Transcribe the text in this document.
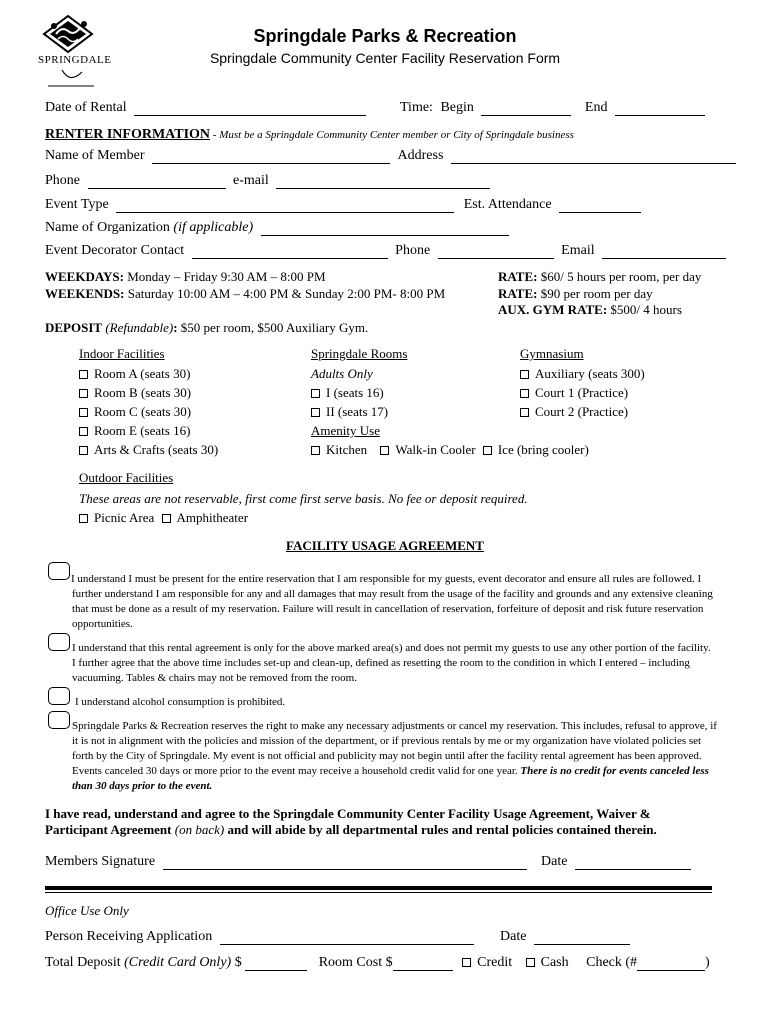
SPRINGDALE
Springdale Parks & Recreation
Springdale Community Center Facility Reservation Form
Date of Rental	Time: Begin	End
RENTER INFORMATION - Must be a Springdale Community Center member or City of Springdale business
Name of Member	Address
Phone	e-mail
Event Type	Est. Attendance
Name of Organization (if applicable)
Event Decorator Contact	Phone	Email
WEEKDAYS: Monday – Friday 9:30 AM – 8:00 PM
WEEKENDS: Saturday 10:00 AM – 4:00 PM & Sunday 2:00 PM- 8:00 PM
RATE: $60/ 5 hours per room, per day
RATE: $90 per room per day
AUX. GYM RATE: $500/ 4 hours
DEPOSIT (Refundable): $50 per room, $500 Auxiliary Gym.
Indoor Facilities
Room A (seats 30)
Room B (seats 30)
Room C (seats 30)
Room E (seats 16)
Arts & Crafts (seats 30)
Springdale Rooms
Adults Only
I (seats 16)
II (seats 17)
Amenity Use
Kitchen Walk-in Cooler Ice (bring cooler)
Gymnasium
Auxiliary (seats 300)
Court 1 (Practice)
Court 2 (Practice)
Outdoor Facilities
These areas are not reservable, first come first serve basis. No fee or deposit required.
Picnic Area Amphitheater
FACILITY USAGE AGREEMENT
I understand I must be present for the entire reservation that I am responsible for my guests, event decorator and ensure all rules are followed. I further understand I am responsible for any and all damages that may result from the usage of the facility and grounds and any extensive cleaning that must be done as a result of my reservation. Failure will result in cancellation of reservation, forfeiture of deposit and risk future reservation opportunities.
I understand that this rental agreement is only for the above marked area(s) and does not permit my guests to use any other portion of the facility. I further agree that the above time includes set-up and clean-up, defined as resetting the room to the condition in which I entered – including vacuuming. Tables & chairs may not be removed from the room.
I understand alcohol consumption is prohibited.
Springdale Parks & Recreation reserves the right to make any necessary adjustments or cancel my reservation. This includes, refusal to approve, if it is not in alignment with the policies and mission of the department, or if previous rentals by me or my organization have violated policies set forth by the City of Springdale. My event is not official and publicity may not begin until after the facility rental agreement has been approved. Events canceled 30 days or more prior to the event may receive a household credit valid for one year. There is no credit for events canceled less than 30 days prior to the event.
I have read, understand and agree to the Springdale Community Center Facility Usage Agreement, Waiver & Participant Agreement (on back) and will abide by all departmental rules and rental policies contained therein.
Members Signature	Date
Office Use Only
Person Receiving Application	Date
Total Deposit (Credit Card Only) $	Room Cost $	Credit Cash Check (#	)
